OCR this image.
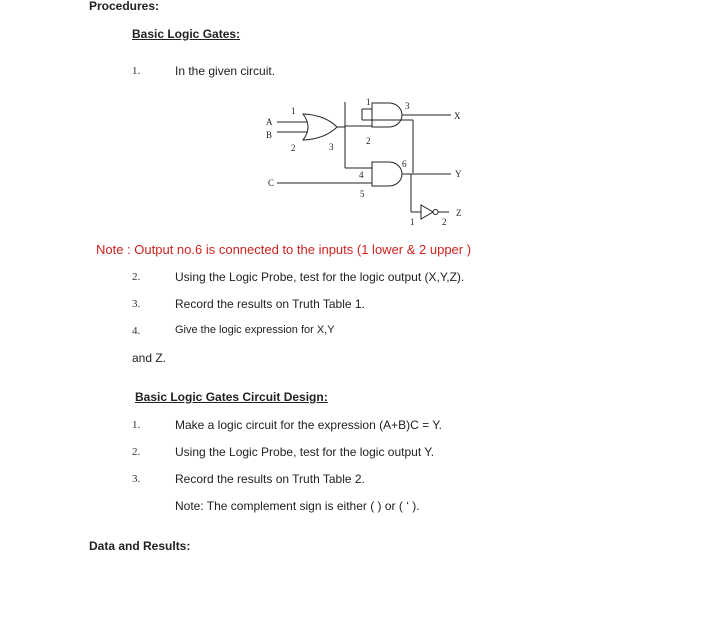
Procedures:
Basic Logic Gates:
1.	In the given circuit.
A
B
C
1
2	3
1
2
3
4
5
6
1	2
X
Y
Z
Note : Output no.6 is connected to the inputs (1 lower & 2 upper )
2.	Using the Logic Probe, test for the logic output (X,Y,Z).
3.	Record the results on Truth Table 1.
4.	Give the logic expression for X,Y
and Z.
Basic Logic Gates Circuit Design:
1.	Make a logic circuit for the expression (A+B)C = Y.
2.	Using the Logic Probe, test for the logic output Y.
3.	Record the results on Truth Table 2.
Note: The complement sign is either ( ) or ( ‘ ).
Data and Results:
